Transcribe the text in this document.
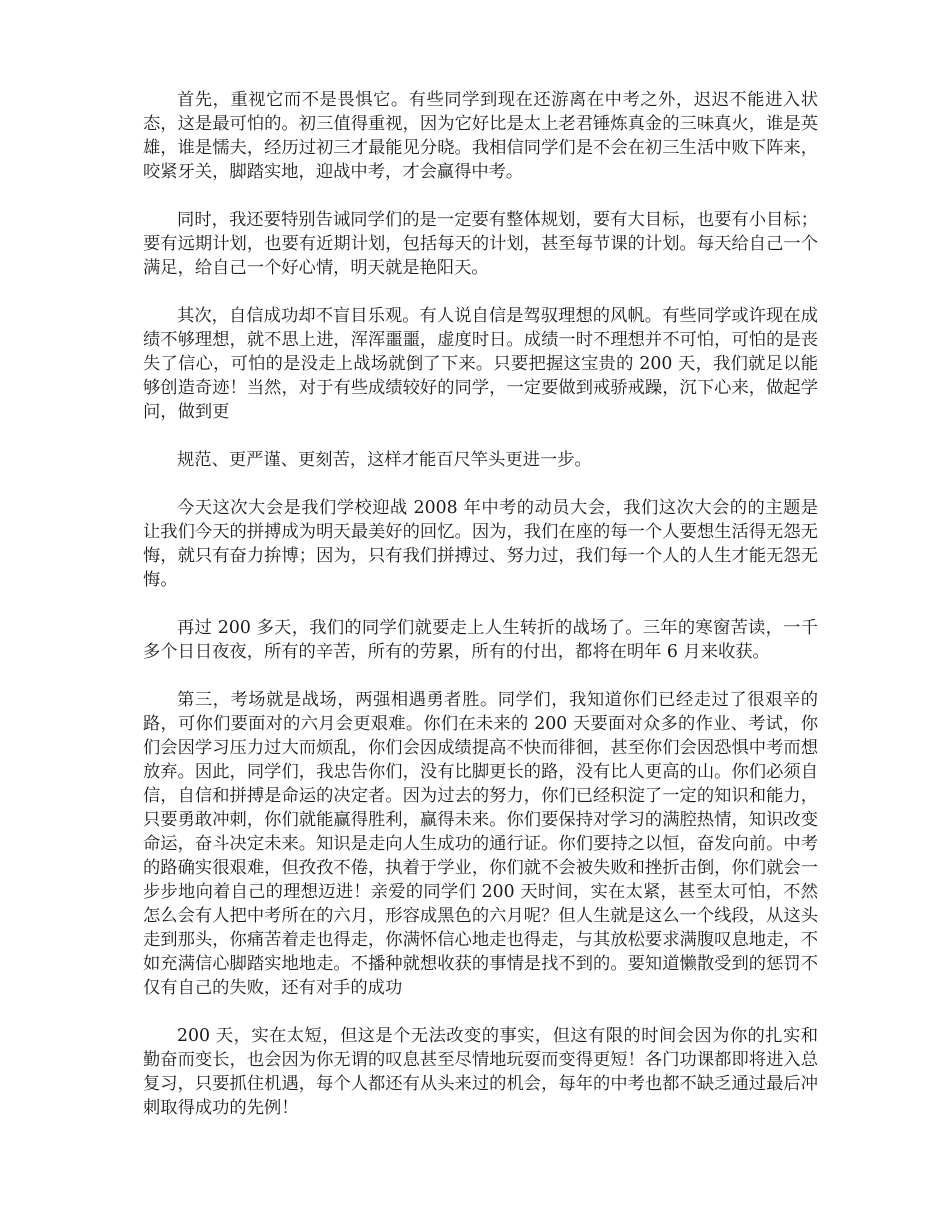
首先，重视它而不是畏惧它。有些同学到现在还游离在中考之外，迟迟不能进入状态，这是最可怕的。初三值得重视，因为它好比是太上老君锤炼真金的三味真火，谁是英雄，谁是懦夫，经历过初三才最能见分晓。我相信同学们是不会在初三生活中败下阵来，咬紧牙关，脚踏实地，迎战中考，才会赢得中考。

同时，我还要特别告诫同学们的是一定要有整体规划，要有大目标，也要有小目标；要有远期计划，也要有近期计划，包括每天的计划，甚至每节课的计划。每天给自己一个满足，给自己一个好心情，明天就是艳阳天。

其次，自信成功却不盲目乐观。有人说自信是驾驭理想的风帆。有些同学或许现在成绩不够理想，就不思上进，浑浑噩噩，虚度时日。成绩一时不理想并不可怕，可怕的是丧失了信心，可怕的是没走上战场就倒了下来。只要把握这宝贵的 200 天，我们就足以能够创造奇迹！当然，对于有些成绩较好的同学，一定要做到戒骄戒躁，沉下心来，做起学问，做到更

规范、更严谨、更刻苦，这样才能百尺竿头更进一步。

今天这次大会是我们学校迎战 2008 年中考的动员大会，我们这次大会的的主题是让我们今天的拼搏成为明天最美好的回忆。因为，我们在座的每一个人要想生活得无怨无悔，就只有奋力拚博；因为，只有我们拼搏过、努力过，我们每一个人的人生才能无怨无悔。

再过 200 多天，我们的同学们就要走上人生转折的战场了。三年的寒窗苦读，一千多个日日夜夜，所有的辛苦，所有的劳累，所有的付出，都将在明年 6 月来收获。

第三，考场就是战场，两强相遇勇者胜。同学们，我知道你们已经走过了很艰辛的路，可你们要面对的六月会更艰难。你们在未来的 200 天要面对众多的作业、考试，你们会因学习压力过大而烦乱，你们会因成绩提高不快而徘徊，甚至你们会因恐惧中考而想放弃。因此，同学们，我忠告你们，没有比脚更长的路，没有比人更高的山。你们必须自信，自信和拼搏是命运的决定者。因为过去的努力，你们已经积淀了一定的知识和能力，只要勇敢冲刺，你们就能赢得胜利，赢得未来。你们要保持对学习的满腔热情，知识改变命运，奋斗决定未来。知识是走向人生成功的通行证。你们要持之以恒，奋发向前。中考的路确实很艰难，但孜孜不倦，执着于学业，你们就不会被失败和挫折击倒，你们就会一步步地向着自己的理想迈进！亲爱的同学们 200 天时间，实在太紧，甚至太可怕，不然怎么会有人把中考所在的六月，形容成黑色的六月呢？但人生就是这么一个线段，从这头走到那头，你痛苦着走也得走，你满怀信心地走也得走，与其放松要求满腹叹息地走，不如充满信心脚踏实地地走。不播种就想收获的事情是找不到的。要知道懒散受到的惩罚不仅有自己的失败，还有对手的成功

200 天，实在太短，但这是个无法改变的事实，但这有限的时间会因为你的扎实和勤奋而变长，也会因为你无谓的叹息甚至尽情地玩耍而变得更短！各门功课都即将进入总复习，只要抓住机遇，每个人都还有从头来过的机会，每年的中考也都不缺乏通过最后冲刺取得成功的先例！
